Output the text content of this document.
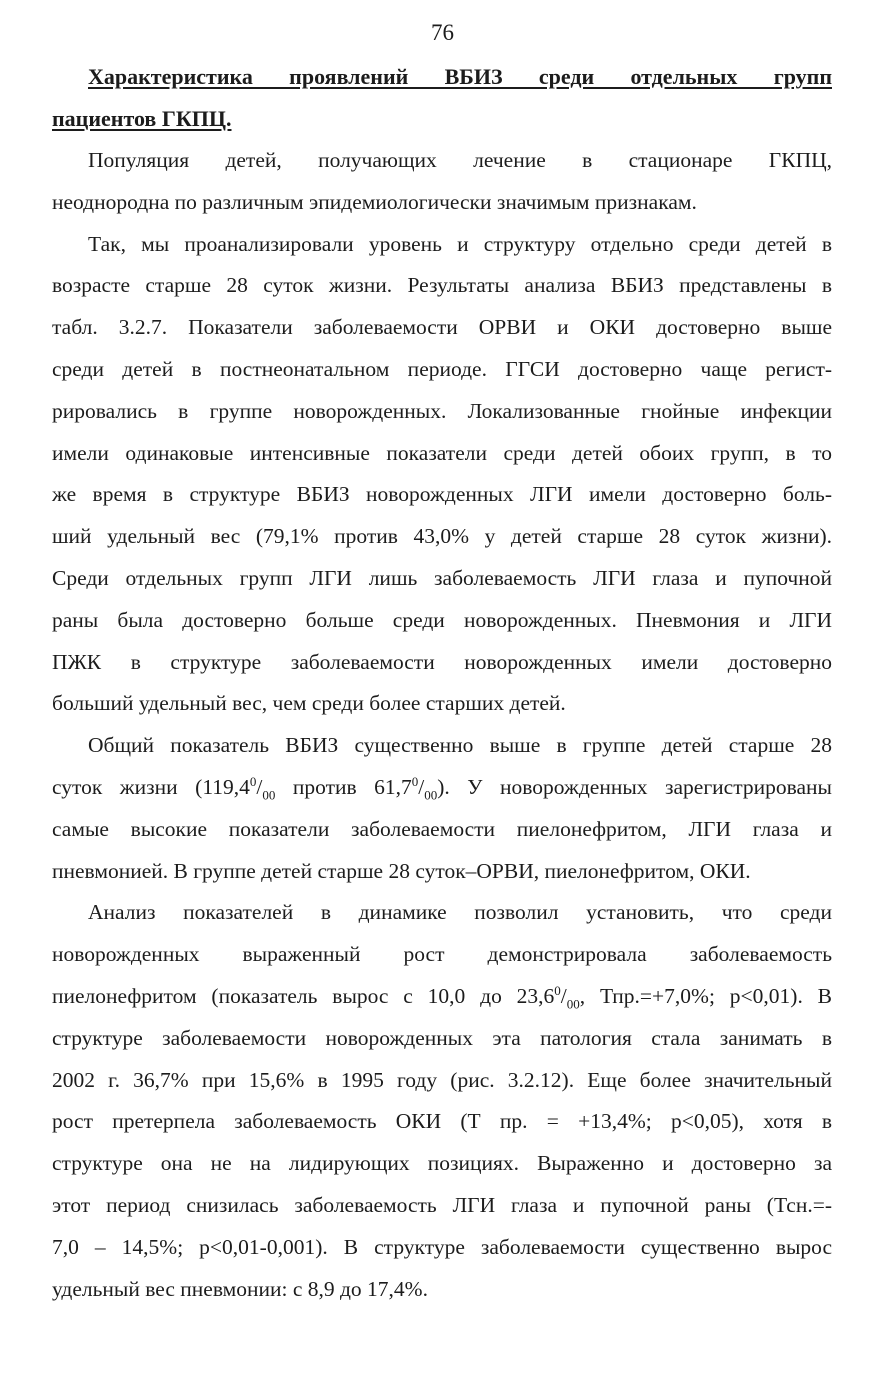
76
Характеристика проявлений ВБИЗ среди отдельных групп
пациентов ГКПЦ.
Популяция детей, получающих лечение в стационаре ГКПЦ,
неоднородна по различным эпидемиологически значимым признакам.
Так, мы проанализировали уровень и структуру отдельно среди детей в
возрасте старше 28 суток жизни. Результаты анализа ВБИЗ представлены в
табл. 3.2.7. Показатели заболеваемости ОРВИ и ОКИ достоверно выше
среди детей в постнеонатальном периоде. ГГСИ достоверно чаще регист-
рировались в группе новорожденных. Локализованные гнойные инфекции
имели одинаковые интенсивные показатели среди детей обоих групп, в то
же время в структуре ВБИЗ новорожденных ЛГИ имели достоверно боль-
ший удельный вес (79,1% против 43,0% у детей старше 28 суток жизни).
Среди отдельных групп ЛГИ лишь заболеваемость ЛГИ глаза и пупочной
раны была достоверно больше среди новорожденных. Пневмония и ЛГИ
ПЖК в структуре заболеваемости новорожденных имели достоверно
больший удельный вес, чем среди более старших детей.
Общий показатель ВБИЗ существенно выше в группе детей старше 28
суток жизни ($119,4^0/_{00}$ против $61,7^0/_{00}$). У новорожденных зарегистрированы
самые высокие показатели заболеваемости пиелонефритом, ЛГИ глаза и
пневмонией. В группе детей старше 28 суток–ОРВИ, пиелонефритом, ОКИ.
Анализ показателей в динамике позволил установить, что среди
новорожденных выраженный рост демонстрировала заболеваемость
пиелонефритом (показатель вырос с 10,0 до $23,6^0/_{00}$, Тпр.=+7,0%; p<0,01). В
структуре заболеваемости новорожденных эта патология стала занимать в
2002 г. 36,7% при 15,6% в 1995 году (рис. 3.2.12). Еще более значительный
рост претерпела заболеваемость ОКИ (Т пр. = +13,4%; p<0,05), хотя в
структуре она не на лидирующих позициях. Выраженно и достоверно за
этот период снизилась заболеваемость ЛГИ глаза и пупочной раны (Тсн.=-
7,0 – 14,5%; p<0,01-0,001). В структуре заболеваемости существенно вырос
удельный вес пневмонии: с 8,9 до 17,4%.
